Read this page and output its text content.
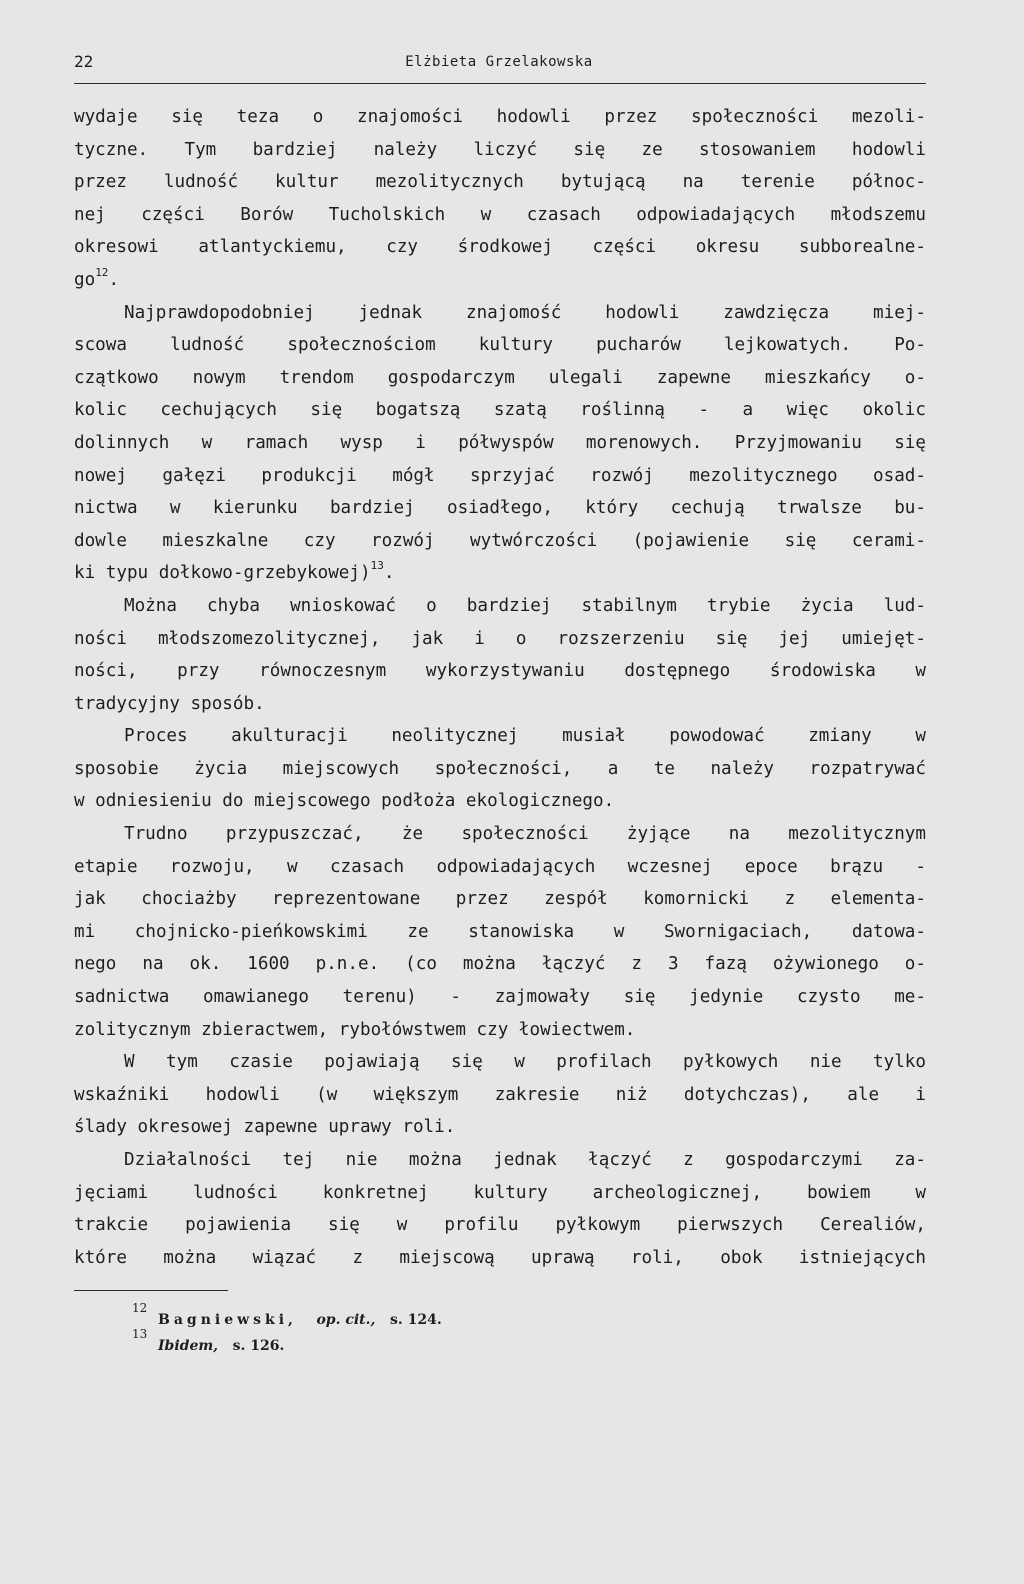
22	Elżbieta Grzelakowska
wydaje się teza o znajomości hodowli przez społeczności mezoli-
tyczne. Tym bardziej należy liczyć się ze stosowaniem hodowli
przez ludność kultur mezolitycznych bytującą na terenie północ-
nej części Borów Tucholskich w czasach odpowiadających młodszemu
okresowi atlantyckiemu, czy środkowej części okresu subborealne-
$go^{12}$.
Najprawdopodobniej jednak znajomość hodowli zawdzięcza miej-
scowa ludność społecznościom kultury pucharów lejkowatych. Po-
czątkowo nowym trendom gospodarczym ulegali zapewne mieszkańcy o-
kolic cechujących się bogatszą szatą roślinną - a więc okolic
dolinnych w ramach wysp i półwyspów morenowych. Przyjmowaniu się
nowej gałęzi produkcji mógł sprzyjać rozwój mezolitycznego osad-
nictwa w kierunku bardziej osiadłego, który cechują trwalsze bu-
dowle mieszkalne czy rozwój wytwórczości (pojawienie się cerami-
ki typu dołkowo-grzebykowej)$^{13}$.
Można chyba wnioskować o bardziej stabilnym trybie życia lud-
ności młodszomezolitycznej, jak i o rozszerzeniu się jej umiejęt-
ności, przy równoczesnym wykorzystywaniu dostępnego środowiska w
tradycyjny sposób.
Proces akulturacji neolitycznej musiał powodować zmiany w
sposobie życia miejscowych społeczności, a te należy rozpatrywać
w odniesieniu do miejscowego podłoża ekologicznego.
Trudno przypuszczać, że społeczności żyjące na mezolitycznym
etapie rozwoju, w czasach odpowiadających wczesnej epoce brązu -
jak chociażby reprezentowane przez zespół komornicki z elementa-
mi chojnicko-pieńkowskimi ze stanowiska w Swornigaciach, datowa-
nego na ok. 1600 p.n.e. (co można łączyć z 3 fazą ożywionego o-
sadnictwa omawianego terenu) - zajmowały się jedynie czysto me-
zolitycznym zbieractwem, rybołówstwem czy łowiectwem.
W tym czasie pojawiają się w profilach pyłkowych nie tylko
wskaźniki hodowli (w większym zakresie niż dotychczas), ale i
ślady okresowej zapewne uprawy roli.
Działalności tej nie można jednak łączyć z gospodarczymi za-
jęciami ludności konkretnej kultury archeologicznej, bowiem w
trakcie pojawienia się w profilu pyłkowym pierwszych Cerealiów,
które można wiązać z miejscową uprawą roli, obok istniejących
12
Bagniewski, op. cit., s. 124.
13
Ibidem, s. 126.
